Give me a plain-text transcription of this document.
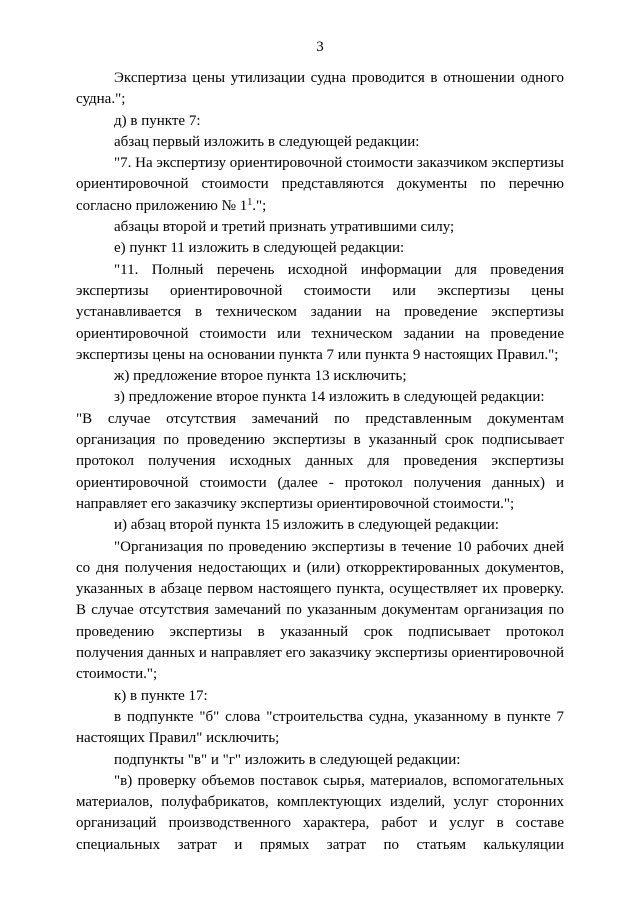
3

Экспертиза цены утилизации судна проводится в отношении одного судна.";

д) в пункте 7:

абзац первый изложить в следующей редакции:

"7. На экспертизу ориентировочной стоимости заказчиком экспертизы ориентировочной стоимости представляются документы по перечню согласно приложению № $1^1$.";

абзацы второй и третий признать утратившими силу;

е) пункт 11 изложить в следующей редакции:

"11. Полный перечень исходной информации для проведения экспертизы ориентировочной стоимости или экспертизы цены устанавливается в техническом задании на проведение экспертизы ориентировочной стоимости или техническом задании на проведение экспертизы цены на основании пункта 7 или пункта 9 настоящих Правил.";

ж) предложение второе пункта 13 исключить;

з) предложение второе пункта 14 изложить в следующей редакции:

"В случае отсутствия замечаний по представленным документам организация по проведению экспертизы в указанный срок подписывает протокол получения исходных данных для проведения экспертизы ориентировочной стоимости (далее - протокол получения данных) и направляет его заказчику экспертизы ориентировочной стоимости.";

и) абзац второй пункта 15 изложить в следующей редакции:

"Организация по проведению экспертизы в течение 10 рабочих дней со дня получения недостающих и (или) откорректированных документов, указанных в абзаце первом настоящего пункта, осуществляет их проверку. В случае отсутствия замечаний по указанным документам организация по проведению экспертизы в указанный срок подписывает протокол получения данных и направляет его заказчику экспертизы ориентировочной стоимости.";

к) в пункте 17:

в подпункте "б" слова "строительства судна, указанному в пункте 7 настоящих Правил" исключить;

подпункты "в" и "г" изложить в следующей редакции:

"в) проверку объемов поставок сырья, материалов, вспомогательных материалов, полуфабрикатов, комплектующих изделий, услуг сторонних организаций производственного характера, работ и услуг в составе специальных затрат и прямых затрат по статьям калькуляции
